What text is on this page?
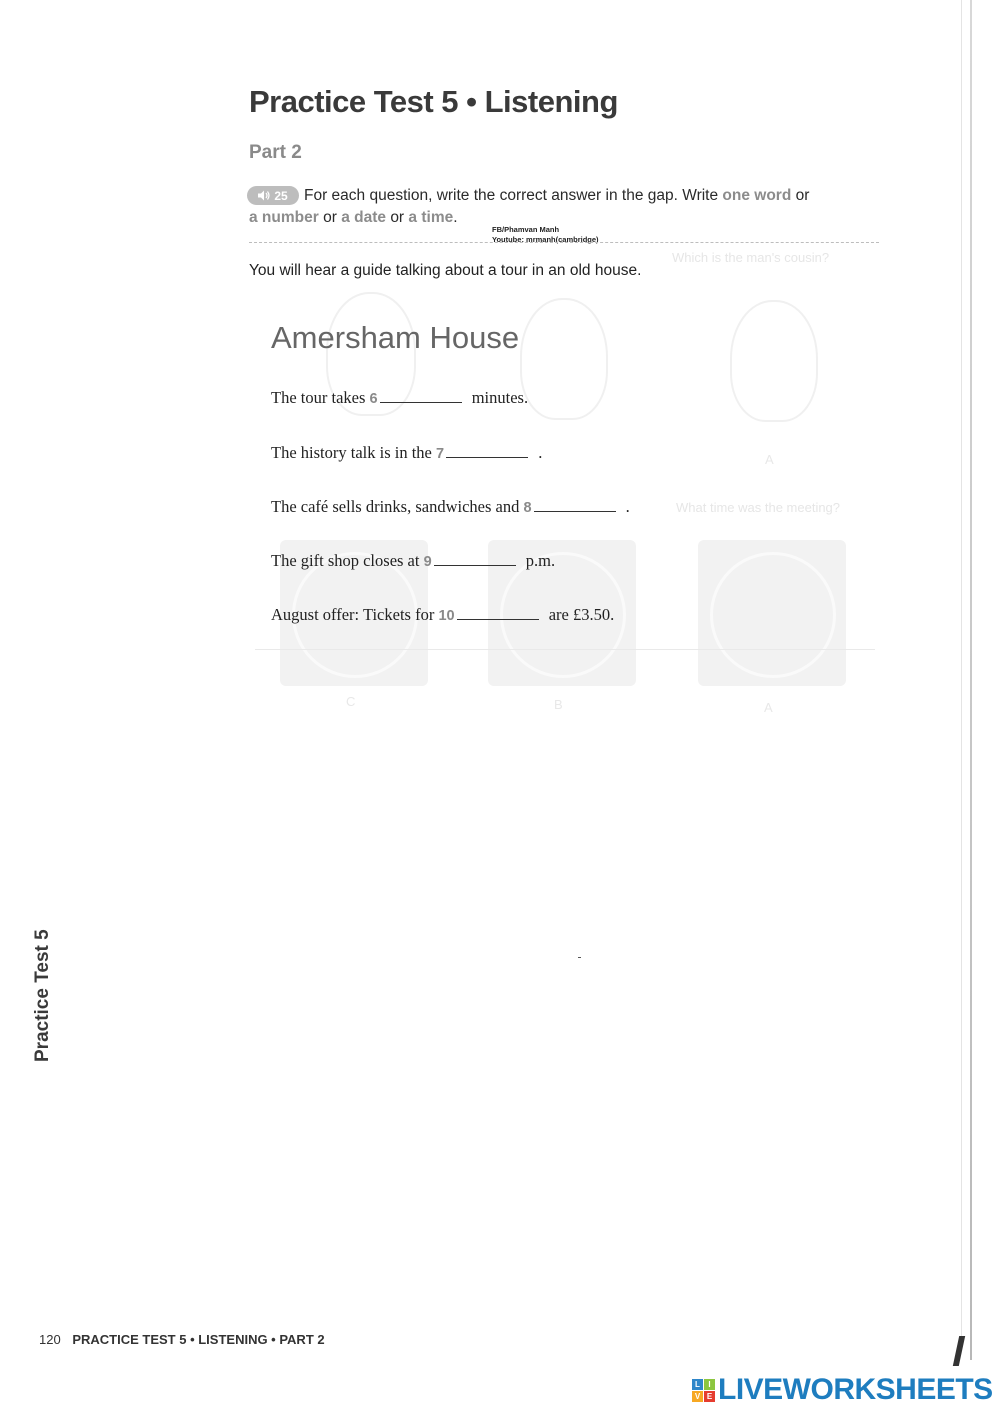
Which is the man's cousin?
A
What time was the meeting?
C	B	A
Practice Test 5 • Listening
Part 2
25 For each question, write the correct answer in the gap. Write one word or
a number or a date or a time.
FB/Phamvan Manh
Youtube: mrmanh(cambridge)
You will hear a guide talking about a tour in an old house.
Amersham House
The tour takes 6	minutes.
The history talk is in the 7	.
The café sells drinks, sandwiches and 8	.
The gift shop closes at 9	p.m.
August offer: Tickets for 10	are £3.50.
Practice Test 5
120 PRACTICE TEST 5 • LISTENING • PART 2
L	I
V E LIVEWORKSHEETS
